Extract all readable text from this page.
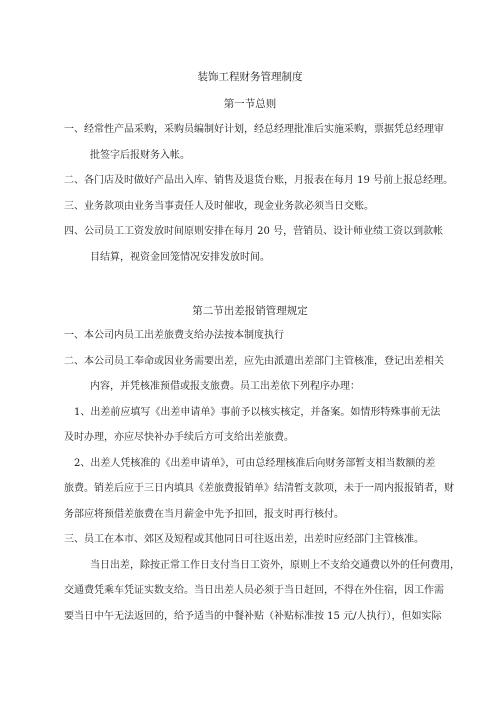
装饰工程财务管理制度
第一节总则

一、经常性产品采购，采购员编制好计划，经总经理批准后实施采购，票据凭总经理审

批签字后报财务入帐。

二、各门店及时做好产品出入库、销售及退货台账，月报表在每月 19 号前上报总经理。

三、业务款项由业务当事责任人及时催收，现金业务款必须当日交账。

四、公司员工工资发放时间原则安排在每月 20 号，营销员、设计师业绩工资以到款帐

目结算，视资金回笼情况安排发放时间。

第二节出差报销管理规定

一、本公司内员工出差旅费支给办法按本制度执行

二、本公司员工奉命或因业务需要出差，应先由派遣出差部门主管核准，登记出差相关

内容，并凭核准预借或报支旅费。员工出差依下列程序办理：

1、出差前应填写《出差申请单》事前予以核实核定，并备案。如情形特殊事前无法

及时办理，亦应尽快补办手续后方可支给出差旅费。

2、出差人凭核准的《出差申请单》，可由总经理核准后向财务部暂支相当数额的差

旅费。销差后应于三日内填具《差旅费报销单》结清暂支款项，未于一周内报报销者，财

务部应将预借差旅费在当月薪金中先予扣回，报支时再行核付。

三、员工在本市、郊区及短程或其他同日可往返出差，出差时应经部门主管核准。

当日出差，除按正常工作日支付当日工资外，原则上不支给交通费以外的任何费用，

交通费凭乘车凭证实数支给。当日出差人员必须于当日赶回，不得在外住宿，因工作需

要当日中午无法返回的，给予适当的中餐补贴（补贴标准按 15 元/人执行），但如实际
